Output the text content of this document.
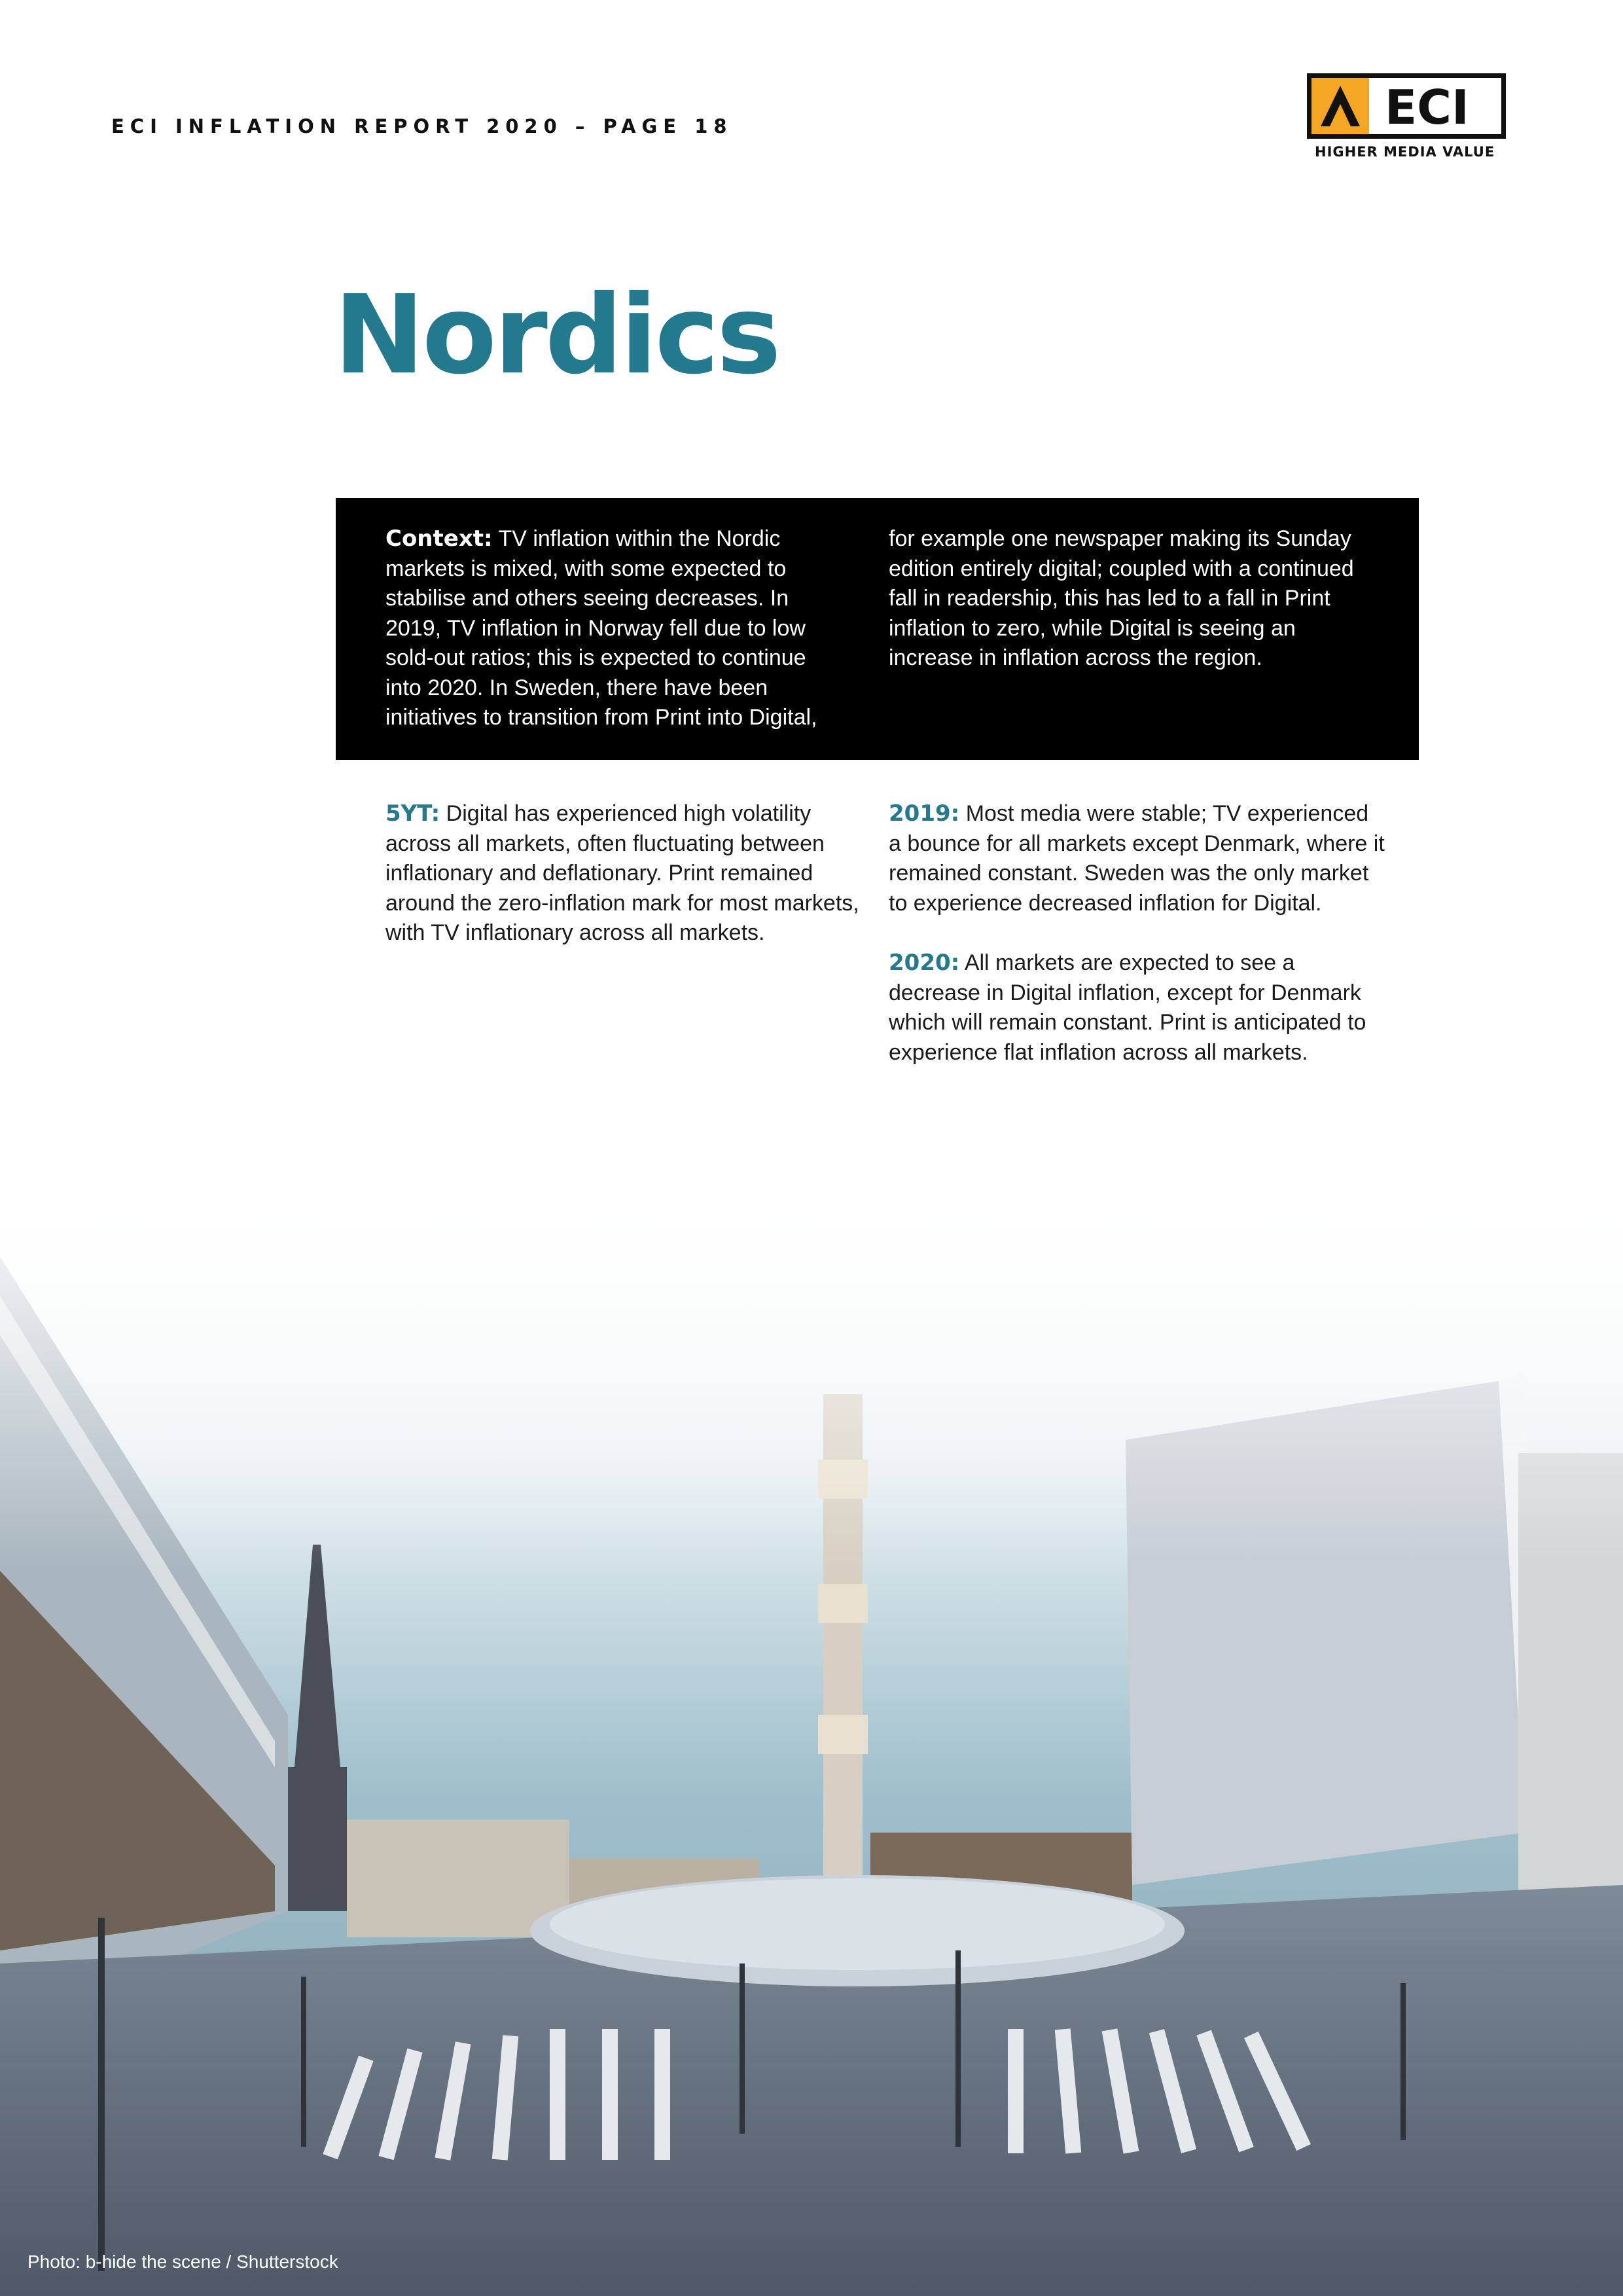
ECI INFLATION REPORT 2020 – PAGE 18	ECI
HIGHER MEDIA VALUE
Nordics
Context: TV inflation within the Nordic markets is mixed, with some expected to stabilise and others seeing decreases. In 2019, TV inflation in Norway fell due to low sold-out ratios; this is expected to continue into 2020. In Sweden, there have been initiatives to transition from Print into Digital,
for example one newspaper making its Sunday edition entirely digital; coupled with a continued fall in readership, this has led to a fall in Print inflation to zero, while Digital is seeing an increase in inflation across the region.

5YT: Digital has experienced high volatility across all markets, often fluctuating between inflationary and deflationary. Print remained around the zero-inflation mark for most markets, with TV inflationary across all markets.

2019: Most media were stable; TV experienced a bounce for all markets except Denmark, where it remained constant. Sweden was the only market to experience decreased inflation for Digital.

2020: All markets are expected to see a decrease in Digital inflation, except for Denmark which will remain constant. Print is anticipated to experience flat inflation across all markets.

Photo: b-hide the scene / Shutterstock
